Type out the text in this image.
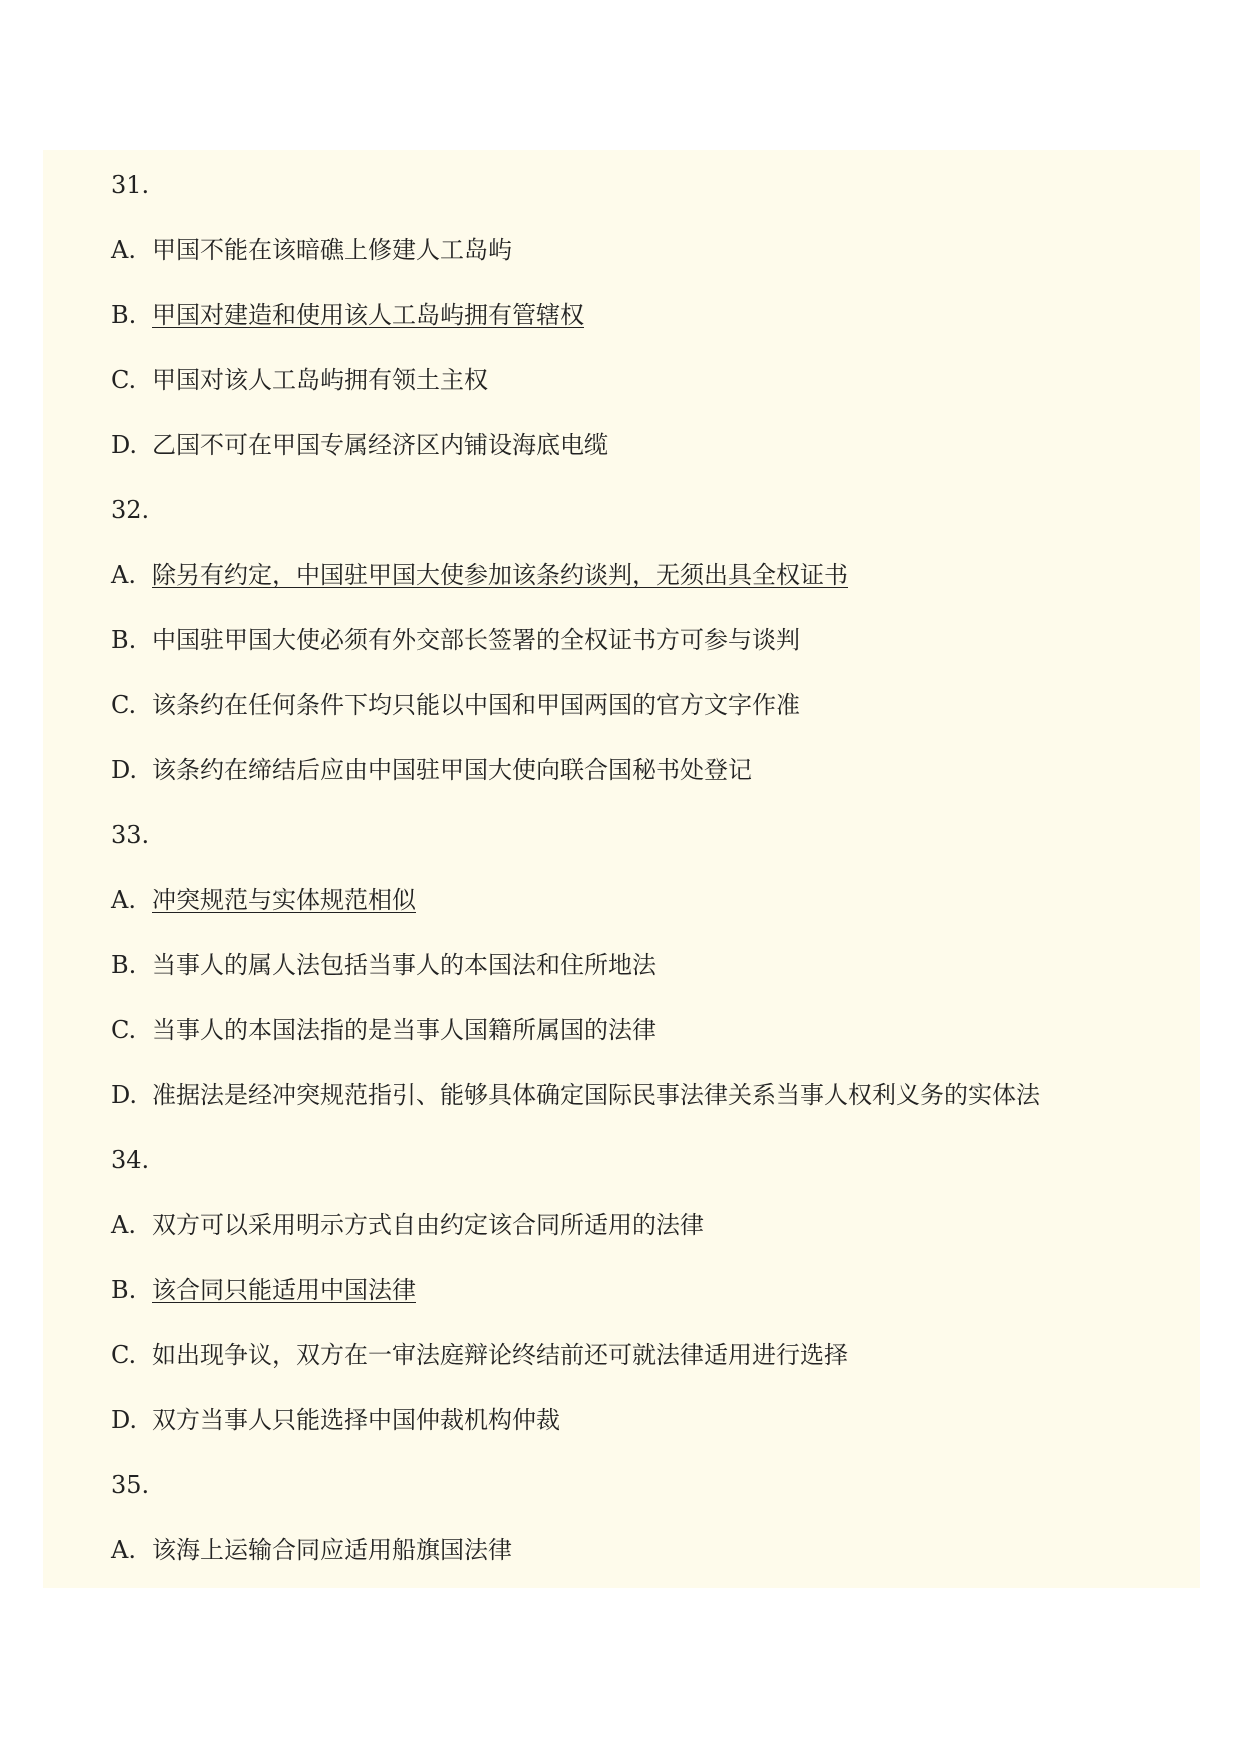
31.
A. 甲国不能在该暗礁上修建人工岛屿
B. 甲国对建造和使用该人工岛屿拥有管辖权
C. 甲国对该人工岛屿拥有领土主权
D. 乙国不可在甲国专属经济区内铺设海底电缆
32.
A. 除另有约定，中国驻甲国大使参加该条约谈判，无须出具全权证书
B. 中国驻甲国大使必须有外交部长签署的全权证书方可参与谈判
C. 该条约在任何条件下均只能以中国和甲国两国的官方文字作准
D. 该条约在缔结后应由中国驻甲国大使向联合国秘书处登记
33.
A. 冲突规范与实体规范相似
B. 当事人的属人法包括当事人的本国法和住所地法
C. 当事人的本国法指的是当事人国籍所属国的法律
D. 准据法是经冲突规范指引、能够具体确定国际民事法律关系当事人权利义务的实体法
34.
A. 双方可以采用明示方式自由约定该合同所适用的法律
B. 该合同只能适用中国法律
C. 如出现争议，双方在一审法庭辩论终结前还可就法律适用进行选择
D. 双方当事人只能选择中国仲裁机构仲裁
35.
A. 该海上运输合同应适用船旗国法律
